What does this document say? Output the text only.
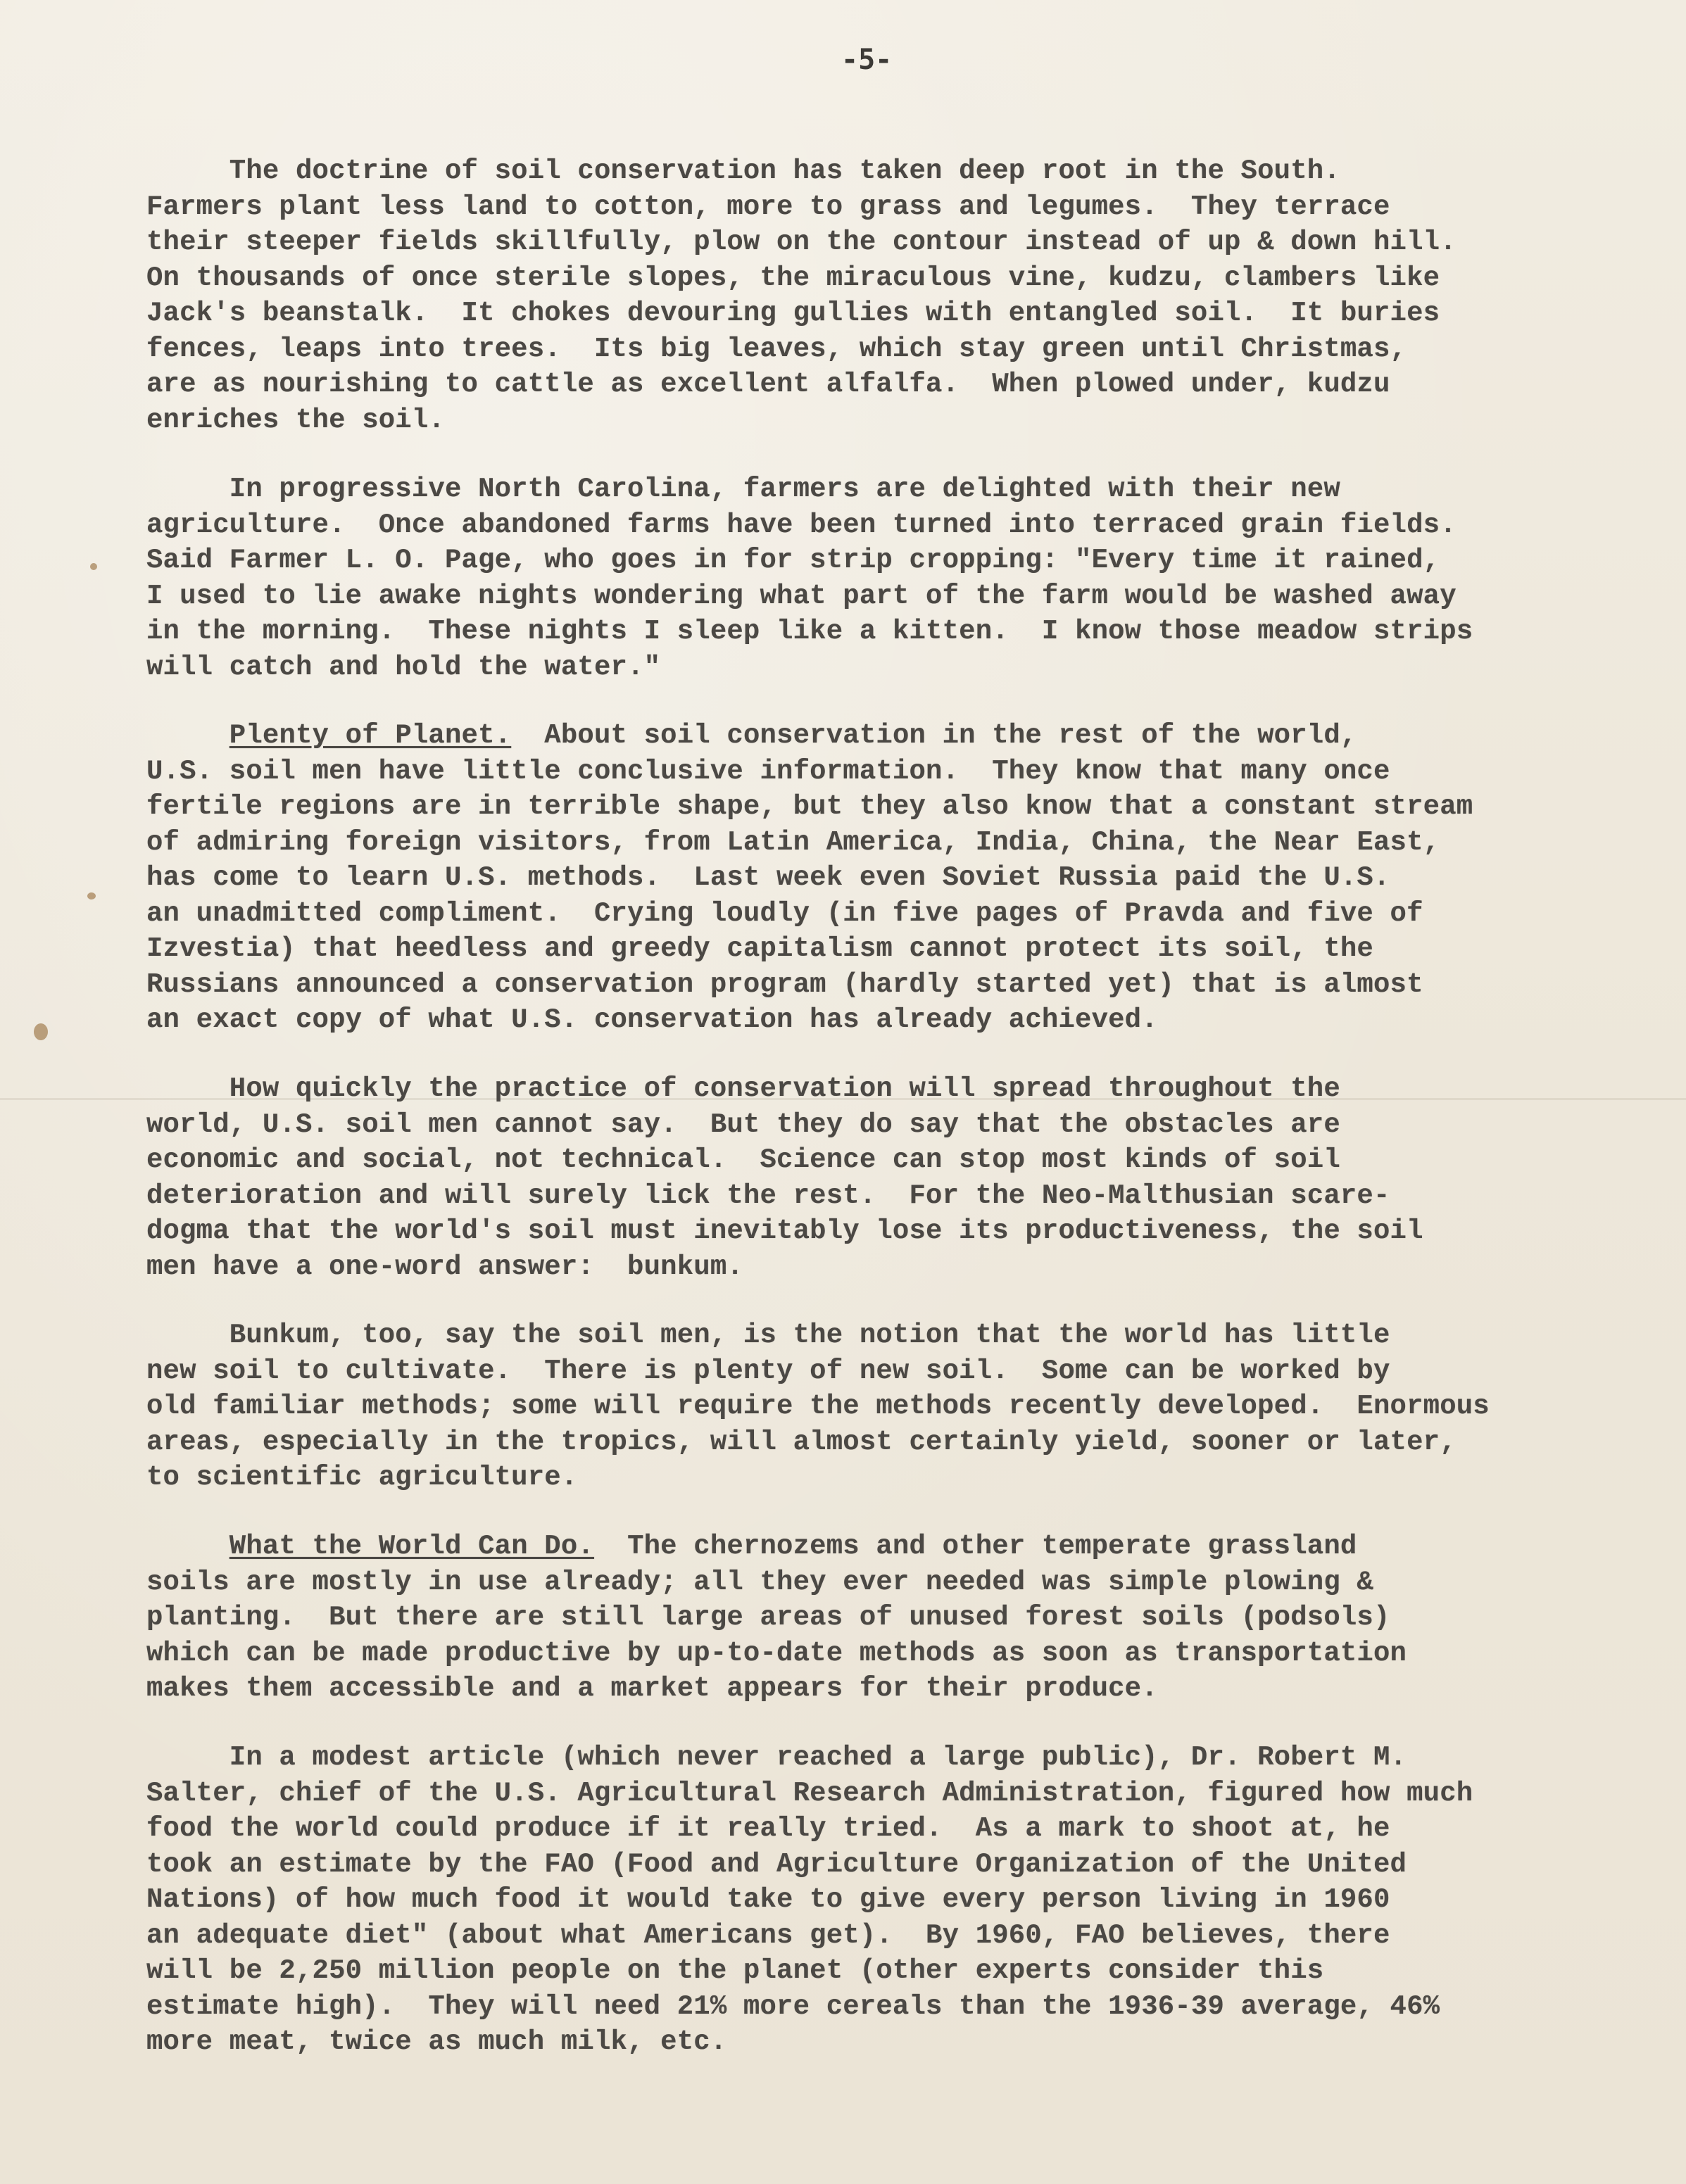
-5-
The doctrine of soil conservation has taken deep root in the South.
Farmers plant less land to cotton, more to grass and legumes.  They terrace
their steeper fields skillfully, plow on the contour instead of up & down hill.
On thousands of once sterile slopes, the miraculous vine, kudzu, clambers like
Jack's beanstalk.  It chokes devouring gullies with entangled soil.  It buries
fences, leaps into trees.  Its big leaves, which stay green until Christmas,
are as nourishing to cattle as excellent alfalfa.  When plowed under, kudzu
enriches the soil.
In progressive North Carolina, farmers are delighted with their new
agriculture.  Once abandoned farms have been turned into terraced grain fields.
Said Farmer L. O. Page, who goes in for strip cropping: "Every time it rained,
I used to lie awake nights wondering what part of the farm would be washed away
in the morning.  These nights I sleep like a kitten.  I know those meadow strips
will catch and hold the water."
Plenty of Planet.  About soil conservation in the rest of the world,
U.S. soil men have little conclusive information.  They know that many once
fertile regions are in terrible shape, but they also know that a constant stream
of admiring foreign visitors, from Latin America, India, China, the Near East,
has come to learn U.S. methods.  Last week even Soviet Russia paid the U.S.
an unadmitted compliment.  Crying loudly (in five pages of Pravda and five of
Izvestia) that heedless and greedy capitalism cannot protect its soil, the
Russians announced a conservation program (hardly started yet) that is almost
an exact copy of what U.S. conservation has already achieved.
How quickly the practice of conservation will spread throughout the
world, U.S. soil men cannot say.  But they do say that the obstacles are
economic and social, not technical.  Science can stop most kinds of soil
deterioration and will surely lick the rest.  For the Neo-Malthusian scare-
dogma that the world's soil must inevitably lose its productiveness, the soil
men have a one-word answer:  bunkum.
Bunkum, too, say the soil men, is the notion that the world has little
new soil to cultivate.  There is plenty of new soil.  Some can be worked by
old familiar methods; some will require the methods recently developed.  Enormous
areas, especially in the tropics, will almost certainly yield, sooner or later,
to scientific agriculture.
What the World Can Do.  The chernozems and other temperate grassland
soils are mostly in use already; all they ever needed was simple plowing &
planting.  But there are still large areas of unused forest soils (podsols)
which can be made productive by up-to-date methods as soon as transportation
makes them accessible and a market appears for their produce.
In a modest article (which never reached a large public), Dr. Robert M.
Salter, chief of the U.S. Agricultural Research Administration, figured how much
food the world could produce if it really tried.  As a mark to shoot at, he
took an estimate by the FAO (Food and Agriculture Organization of the United
Nations) of how much food it would take to give every person living in 1960
an adequate diet" (about what Americans get).  By 1960, FAO believes, there
will be 2,250 million people on the planet (other experts consider this
estimate high).  They will need 21% more cereals than the 1936-39 average, 46%
more meat, twice as much milk, etc.
